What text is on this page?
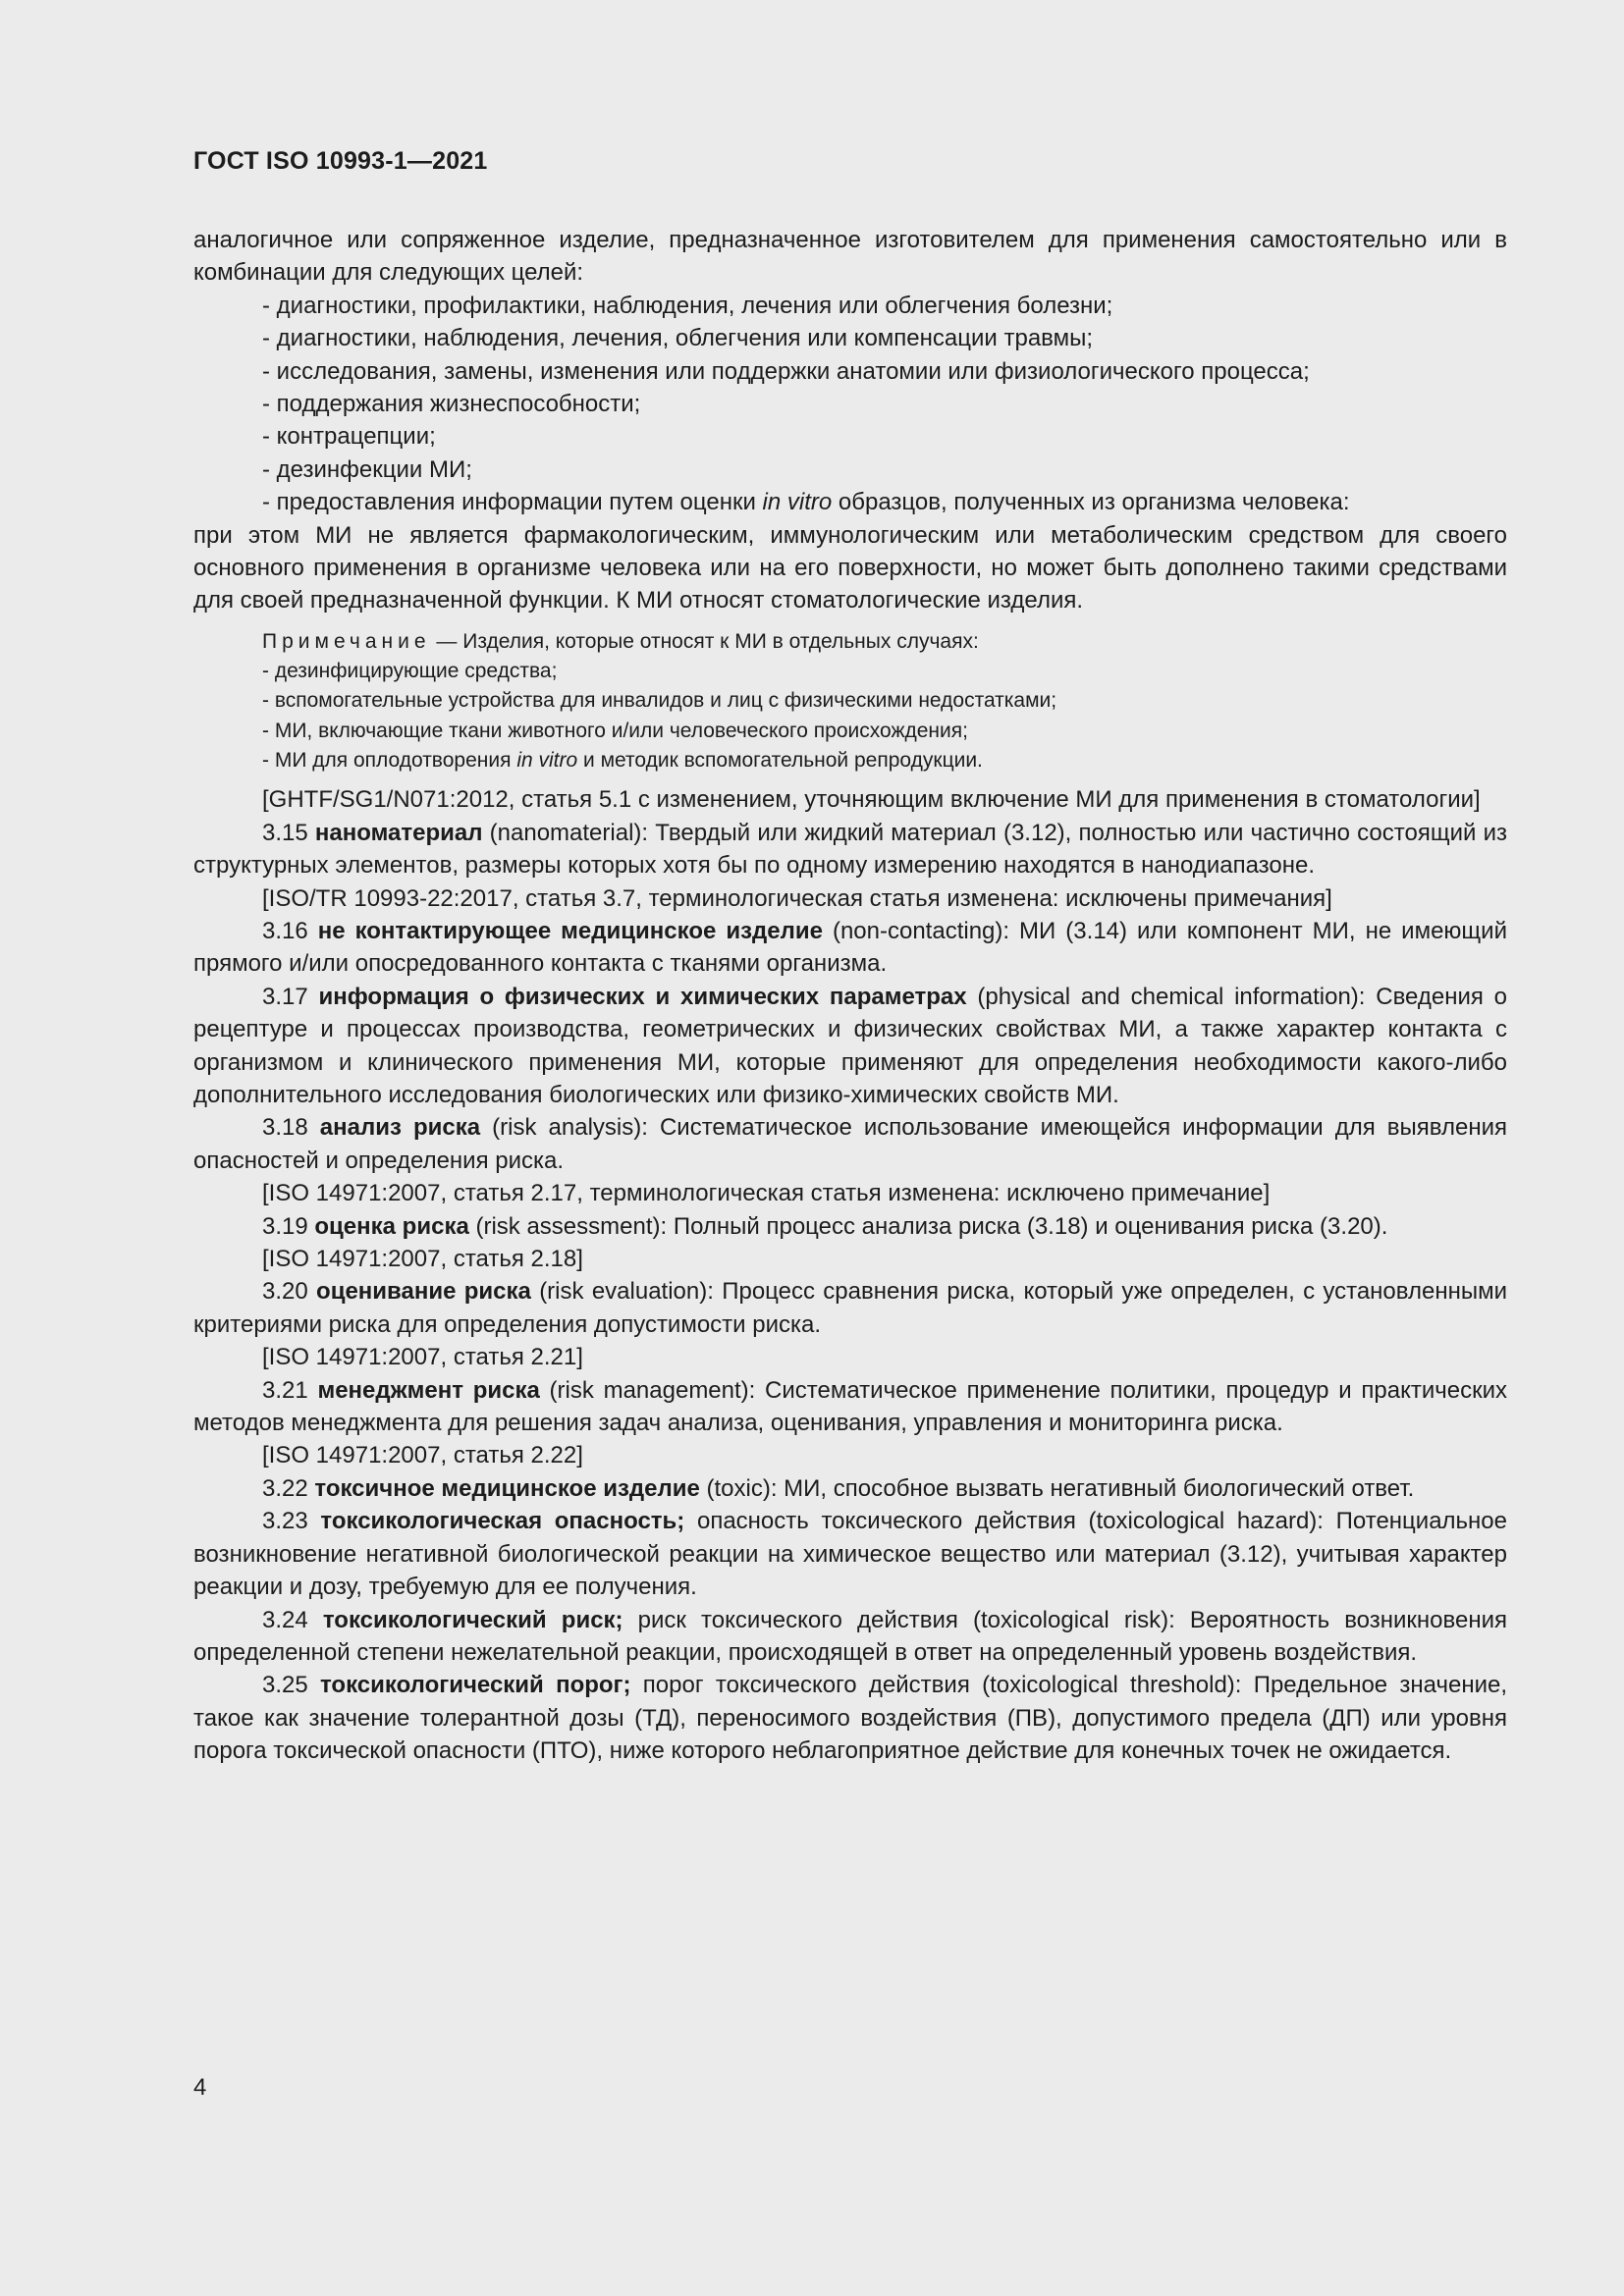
ГОСТ ISO 10993-1—2021

аналогичное или сопряженное изделие, предназначенное изготовителем для применения самостоятельно или в комбинации для следующих целей:

- диагностики, профилактики, наблюдения, лечения или облегчения болезни;

- диагностики, наблюдения, лечения, облегчения или компенсации травмы;

- исследования, замены, изменения или поддержки анатомии или физиологического процесса;

- поддержания жизнеспособности;

- контрацепции;

- дезинфекции МИ;

- предоставления информации путем оценки in vitro образцов, полученных из организма человека:

при этом МИ не является фармакологическим, иммунологическим или метаболическим средством для своего основного применения в организме человека или на его поверхности, но может быть дополнено такими средствами для своей предназначенной функции. К МИ относят стоматологические изделия.

Примечание — Изделия, которые относят к МИ в отдельных случаях:

- дезинфицирующие средства;

- вспомогательные устройства для инвалидов и лиц с физическими недостатками;

- МИ, включающие ткани животного и/или человеческого происхождения;

- МИ для оплодотворения in vitro и методик вспомогательной репродукции.

[GHTF/SG1/N071:2012, статья 5.1 с изменением, уточняющим включение МИ для применения в стоматологии]

3.15 наноматериал (nanomaterial): Твердый или жидкий материал (3.12), полностью или частично состоящий из структурных элементов, размеры которых хотя бы по одному измерению находятся в нанодиапазоне.

[ISO/TR 10993-22:2017, статья 3.7, терминологическая статья изменена: исключены примечания]

3.16 не контактирующее медицинское изделие (non-contacting): МИ (3.14) или компонент МИ, не имеющий прямого и/или опосредованного контакта с тканями организма.

3.17 информация о физических и химических параметрах (physical and chemical information): Сведения о рецептуре и процессах производства, геометрических и физических свойствах МИ, а также характер контакта с организмом и клинического применения МИ, которые применяют для определения необходимости какого-либо дополнительного исследования биологических или физико-химических свойств МИ.

3.18 анализ риска (risk analysis): Систематическое использование имеющейся информации для выявления опасностей и определения риска.

[ISO 14971:2007, статья 2.17, терминологическая статья изменена: исключено примечание]

3.19 оценка риска (risk assessment): Полный процесс анализа риска (3.18) и оценивания риска (3.20).

[ISO 14971:2007, статья 2.18]

3.20 оценивание риска (risk evaluation): Процесс сравнения риска, который уже определен, с установленными критериями риска для определения допустимости риска.

[ISO 14971:2007, статья 2.21]

3.21 менеджмент риска (risk management): Систематическое применение политики, процедур и практических методов менеджмента для решения задач анализа, оценивания, управления и мониторинга риска.

[ISO 14971:2007, статья 2.22]

3.22 токсичное медицинское изделие (toxic): МИ, способное вызвать негативный биологический ответ.

3.23 токсикологическая опасность; опасность токсического действия (toxicological hazard): Потенциальное возникновение негативной биологической реакции на химическое вещество или материал (3.12), учитывая характер реакции и дозу, требуемую для ее получения.

3.24 токсикологический риск; риск токсического действия (toxicological risk): Вероятность возникновения определенной степени нежелательной реакции, происходящей в ответ на определенный уровень воздействия.

3.25 токсикологический порог; порог токсического действия (toxicological threshold): Предельное значение, такое как значение толерантной дозы (ТД), переносимого воздействия (ПВ), допустимого предела (ДП) или уровня порога токсической опасности (ПТО), ниже которого неблагоприятное действие для конечных точек не ожидается.

4
